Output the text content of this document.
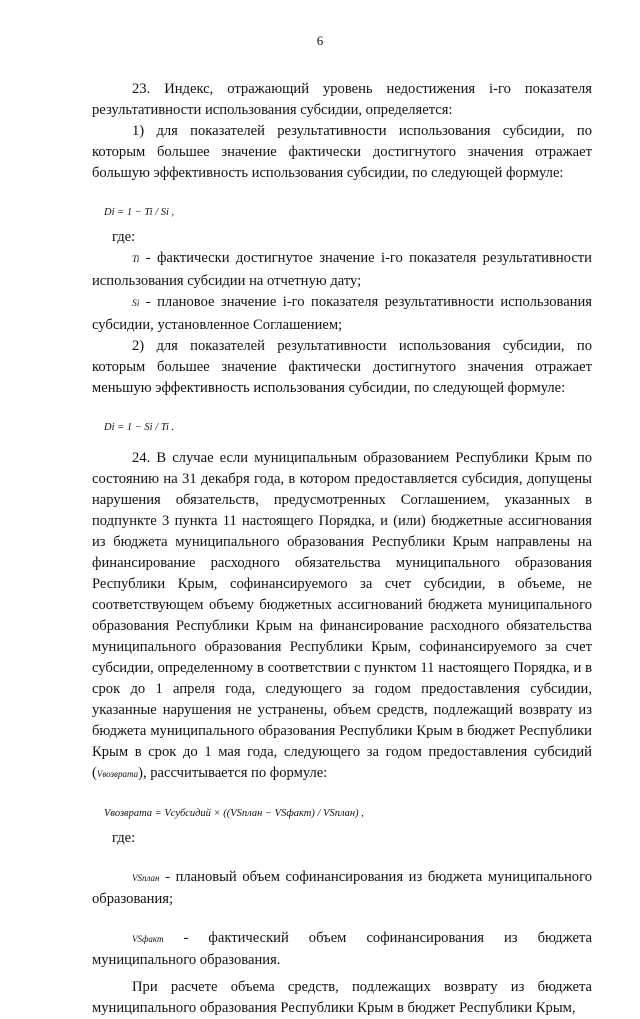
6

23. Индекс, отражающий уровень недостижения i-го показателя результативности использования субсидии, определяется:

1) для показателей результативности использования субсидии, по которым большее значение фактически достигнутого значения отражает большую эффективность использования субсидии, по следующей формуле:

Di = 1 − Ti / Si ,

где:

Ti - фактически достигнутое значение i-го показателя результативности использования субсидии на отчетную дату;

Si - плановое значение i-го показателя результативности использования субсидии, установленное Соглашением;

2) для показателей результативности использования субсидии, по которым большее значение фактически достигнутого значения отражает меньшую эффективность использования субсидии, по следующей формуле:

Di = 1 − Si / Ti .

24. В случае если муниципальным образованием Республики Крым по состоянию на 31 декабря года, в котором предоставляется субсидия, допущены нарушения обязательств, предусмотренных Соглашением, указанных в подпункте 3 пункта 11 настоящего Порядка, и (или) бюджетные ассигнования из бюджета муниципального образования Республики Крым направлены на финансирование расходного обязательства муниципального образования Республики Крым, софинансируемого за счет субсидии, в объеме, не соответствующем объему бюджетных ассигнований бюджета муниципального образования Республики Крым на финансирование расходного обязательства муниципального образования Республики Крым, софинансируемого за счет субсидии, определенному в соответствии с пунктом 11 настоящего Порядка, и в срок до 1 апреля года, следующего за годом предоставления субсидии, указанные нарушения не устранены, объем средств, подлежащий возврату из бюджета муниципального образования Республики Крым в бюджет Республики Крым в срок до 1 мая года, следующего за годом предоставления субсидий (Vвозврата), рассчитывается по формуле:

Vвозврата = Vсубсидий × ((VSплан − VSфакт) / VSплан) ,

где:

VSплан - плановый объем софинансирования из бюджета муниципального образования;

VSфакт - фактический объем софинансирования из бюджета муниципального образования.

При расчете объема средств, подлежащих возврату из бюджета муниципального образования Республики Крым в бюджет Республики Крым,
